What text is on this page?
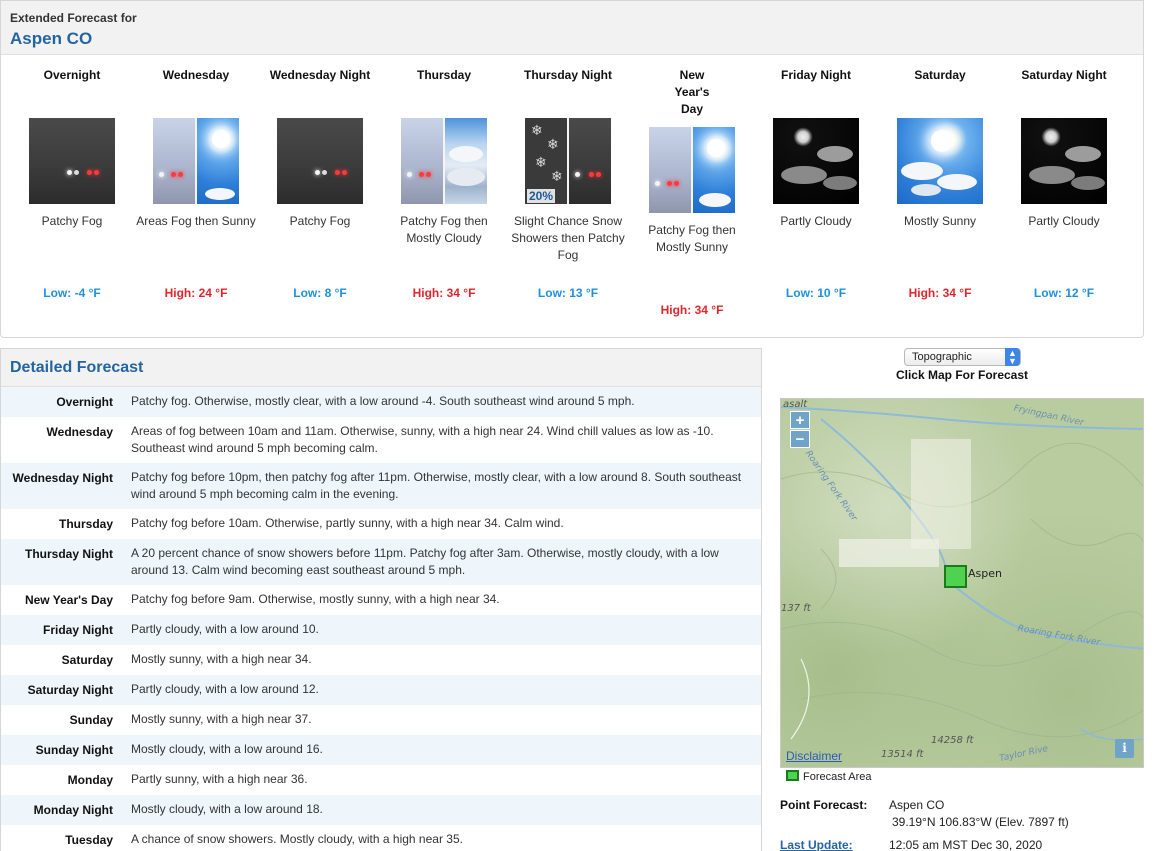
Extended Forecast for
Aspen CO
Overnight
Patchy Fog
Low: -4 °F
Wednesday
Areas Fog then Sunny
High: 24 °F
Wednesday Night
Patchy Fog
Low: 8 °F
Thursday
Patchy Fog then Mostly Cloudy
High: 34 °F
Thursday Night
❄
❄
❄
❄
20%
Slight Chance Snow Showers then Patchy Fog
Low: 13 °F
New Year's Day
Patchy Fog then Mostly Sunny
High: 34 °F
Friday Night
Partly Cloudy
Low: 10 °F
Saturday
Mostly Sunny
High: 34 °F
Saturday Night
Partly Cloudy
Low: 12 °F
Detailed Forecast
Overnight Patchy fog. Otherwise, mostly clear, with a low around -4. South southeast wind around 5 mph.
Wednesday Areas of fog between 10am and 11am. Otherwise, sunny, with a high near 24. Wind chill values as low as -10. Southeast wind around 5 mph becoming calm.
Wednesday Night Patchy fog before 10pm, then patchy fog after 11pm. Otherwise, mostly clear, with a low around 8. South southeast wind around 5 mph becoming calm in the evening.
Thursday Patchy fog before 10am. Otherwise, partly sunny, with a high near 34. Calm wind.
Thursday Night A 20 percent chance of snow showers before 11pm. Patchy fog after 3am. Otherwise, mostly cloudy, with a low around 13. Calm wind becoming east southeast around 5 mph.
New Year's Day Patchy fog before 9am. Otherwise, mostly sunny, with a high near 34.
Friday Night Partly cloudy, with a low around 10.
Saturday Mostly sunny, with a high near 34.
Saturday Night Partly cloudy, with a low around 12.
Sunday Mostly sunny, with a high near 37.
Sunday Night Mostly cloudy, with a low around 16.
Monday Partly sunny, with a high near 36.
Monday Night Mostly cloudy, with a low around 18.
Tuesday A chance of snow showers. Mostly cloudy, with a high near 35.
Topographic	▲
▼
Click Map For Forecast
asalt	Fryingpan River
Roaring Fork River
Roaring Fork River
Taylor Rive
137 ft
13514 ft
14258 ft
Aspen
+
−
Disclaimer
i
Forecast Area
Point Forecast: Aspen CO
39.19°N 106.83°W (Elev. 7897 ft)
Last Update:	12:05 am MST Dec 30, 2020
